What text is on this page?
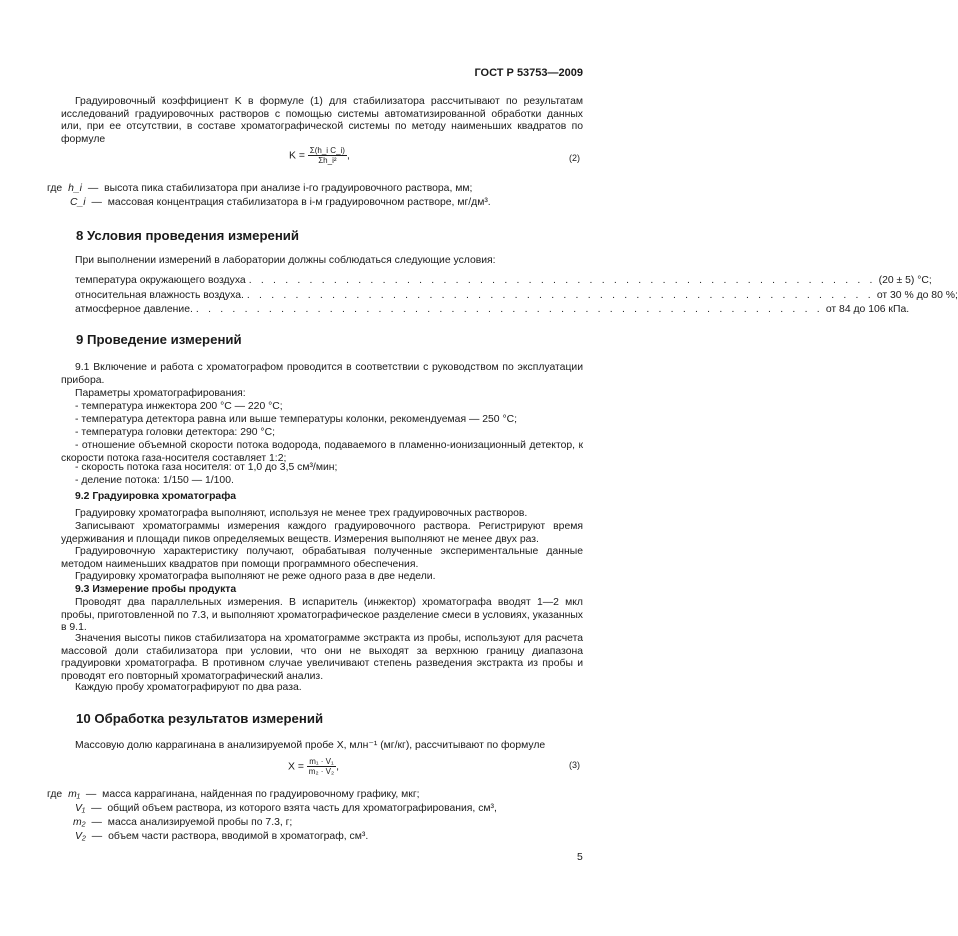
ГОСТ Р 53753—2009
Градуировочный коэффициент K в формуле (1) для стабилизатора рассчитывают по результатам исследований градуировочных растворов с помощью системы автоматизированной обработки данных или, при ее отсутствии, в составе хроматографической системы по методу наименьших квадратов по формуле
$K = \frac{\text{Σ(h\_i C\_i)}}{\text{Σh\_i²}}$ ,	(2)
где h_i — высота пика стабилизатора при анализе i-го градуировочного раствора, мм;
C_i — массовая концентрация стабилизатора в i-м градуировочном растворе, мг/дм³.
8 Условия проведения измерений
При выполнении измерений в лаборатории должны соблюдаться следующие условия:
температура окружающего воздуха . . . . . . . . . . . . . . . . . . . . . . . . . . . . . . . . . . . . . . . . . . . . . . . . . . . . (20 ± 5) °С;
относительная влажность воздуха. . . . . . . . . . . . . . . . . . . . . . . . . . . . . . . . . . . . . . . . . . . . . . . . . . . . . от 30 % до 80 %;
атмосферное давление. . . . . . . . . . . . . . . . . . . . . . . . . . . . . . . . . . . . . . . . . . . . . . . . . . . . . от 84 до 106 кПа.
9 Проведение измерений
9.1 Включение и работа с хроматографом проводится в соответствии с руководством по эксплуатации прибора.
Параметры хроматографирования:
- температура инжектора 200 °С — 220 °С;
- температура детектора равна или выше температуры колонки, рекомендуемая — 250 °С;
- температура головки детектора: 290 °С;
- отношение объемной скорости потока водорода, подаваемого в пламенно-ионизационный детектор, к скорости потока газа-носителя составляет 1:2;
- скорость потока газа носителя: от 1,0 до 3,5 см³/мин;
- деление потока: 1/150 — 1/100.
9.2 Градуировка хроматографа
Градуировку хроматографа выполняют, используя не менее трех градуировочных растворов.
Записывают хроматограммы измерения каждого градуировочного раствора. Регистрируют время удерживания и площади пиков определяемых веществ. Измерения выполняют не менее двух раз.
Градуировочную характеристику получают, обрабатывая полученные экспериментальные данные методом наименьших квадратов при помощи программного обеспечения.
Градуировку хроматографа выполняют не реже одного раза в две недели.
9.3 Измерение пробы продукта
Проводят два параллельных измерения. В испаритель (инжектор) хроматографа вводят 1—2 мкл пробы, приготовленной по 7.3, и выполняют хроматографическое разделение смеси в условиях, указанных в 9.1.
Значения высоты пиков стабилизатора на хроматограмме экстракта из пробы, используют для расчета массовой доли стабилизатора при условии, что они не выходят за верхнюю границу диапазона градуировки хроматографа. В противном случае увеличивают степень разведения экстракта из пробы и проводят его повторный хроматографический анализ.
Каждую пробу хроматографируют по два раза.
10 Обработка результатов измерений
Массовую долю каррагинана в анализируемой пробе X, млн⁻¹ (мг/кг), рассчитывают по формуле
$X = \frac{\text{m₁ · V₁}}{\text{m₂ · V₂}}$ ,	(3)
где m₁ — масса каррагинана, найденная по градуировочному графику, мкг;
V₁ — общий объем раствора, из которого взята часть для хроматографирования, см³,
m₂ — масса анализируемой пробы по 7.3, г;
V₂ — объем части раствора, вводимой в хроматограф, см³.
5
